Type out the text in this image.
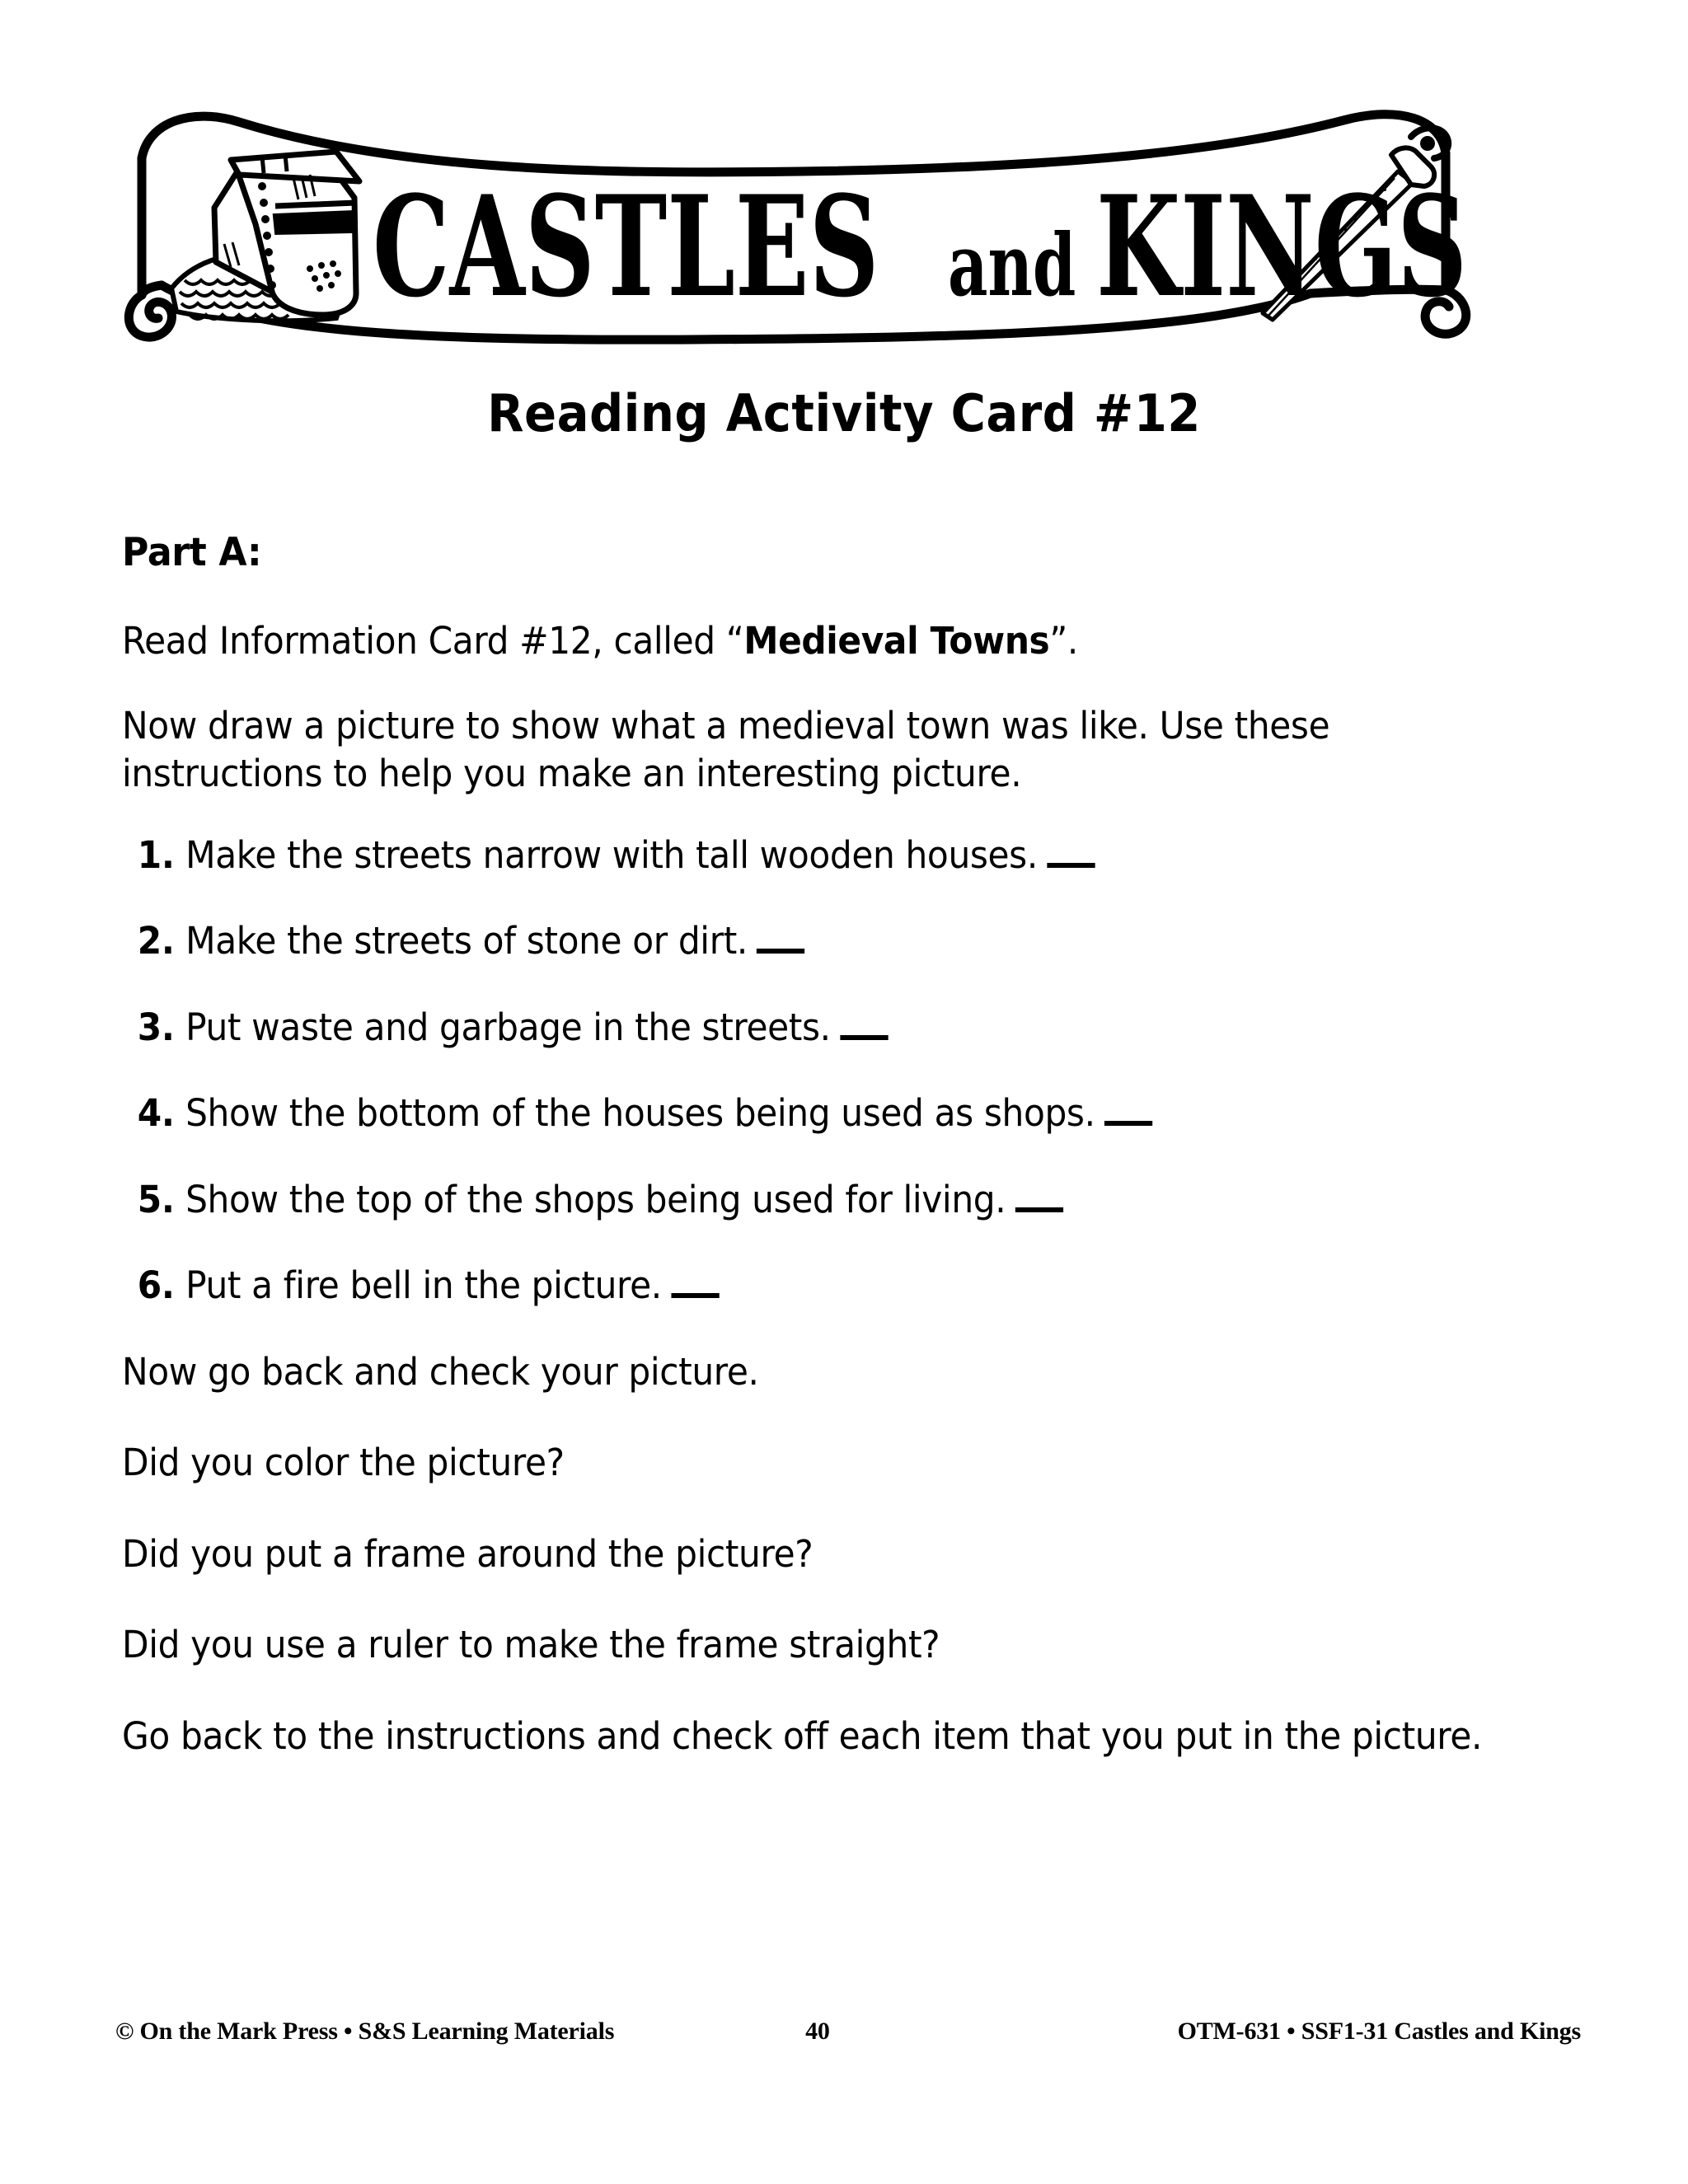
CASTLES and KINGS
Reading Activity Card #12
Part A:
Read Information Card #12, called “Medieval Towns”.
Now draw a picture to show what a medieval town was like. Use these instructions to help you make an interesting picture.
1. Make the streets narrow with tall wooden houses.
2. Make the streets of stone or dirt.
3. Put waste and garbage in the streets.
4. Show the bottom of the houses being used as shops.
5. Show the top of the shops being used for living.
6. Put a fire bell in the picture.
Now go back and check your picture.
Did you color the picture?
Did you put a frame around the picture?
Did you use a ruler to make the frame straight?
Go back to the instructions and check off each item that you put in the picture.
© On the Mark Press • S&S Learning Materials	40	OTM-631 • SSF1-31 Castles and Kings
